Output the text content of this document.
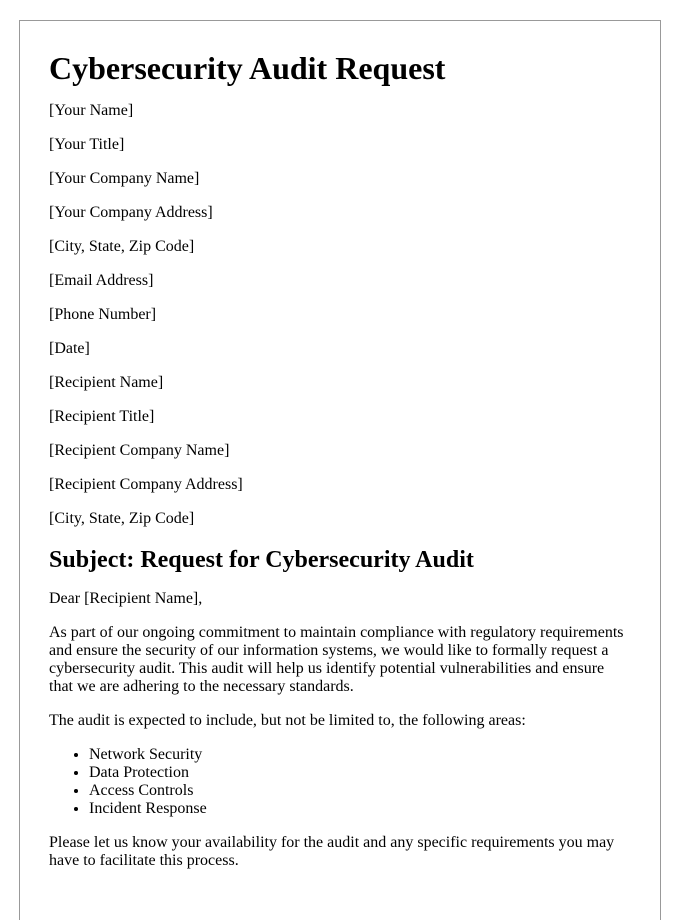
Cybersecurity Audit Request
[Your Name]
[Your Title]
[Your Company Name]
[Your Company Address]
[City, State, Zip Code]
[Email Address]
[Phone Number]
[Date]
[Recipient Name]
[Recipient Title]
[Recipient Company Name]
[Recipient Company Address]
[City, State, Zip Code]
Subject: Request for Cybersecurity Audit

Dear [Recipient Name],

As part of our ongoing commitment to maintain compliance with regulatory requirements and ensure the security of our information systems, we would like to formally request a cybersecurity audit. This audit will help us identify potential vulnerabilities and ensure that we are adhering to the necessary standards.

The audit is expected to include, but not be limited to, the following areas:

• Network Security
• Data Protection
• Access Controls
• Incident Response

Please let us know your availability for the audit and any specific requirements you may have to facilitate this process.
